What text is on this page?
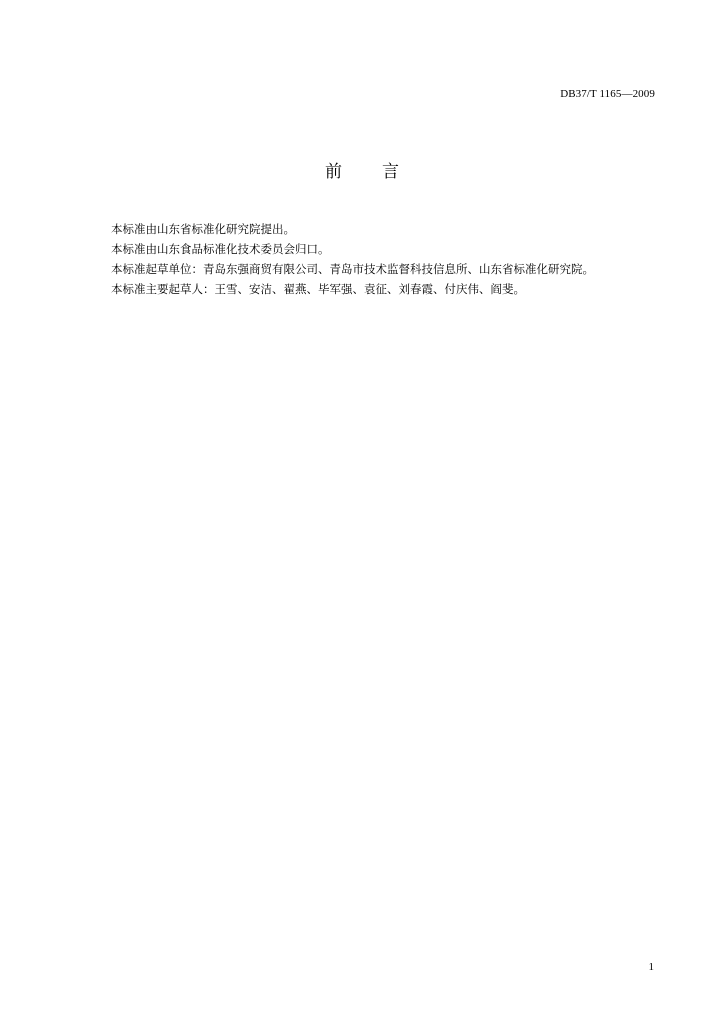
DB37/T 1165—2009
前 言
本标准由山东省标准化研究院提出。
本标准由山东食品标准化技术委员会归口。
本标准起草单位：青岛东强商贸有限公司、青岛市技术监督科技信息所、山东省标准化研究院。
本标准主要起草人：王雪、安洁、翟燕、毕军强、袁征、刘春霞、付庆伟、阎斐。
1
